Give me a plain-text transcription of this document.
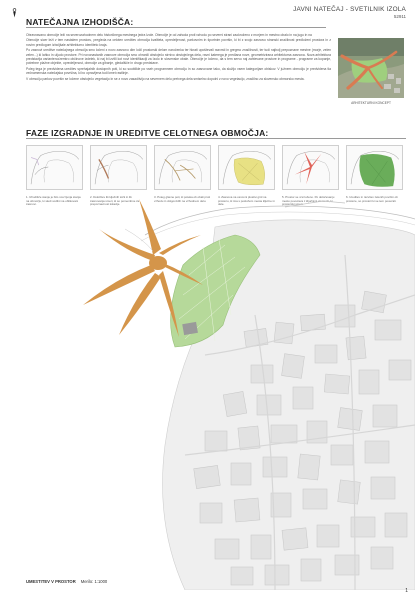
JAVNI NATEČAJ - SVETILNIK IZOLA
52911
NATEČAJNA IZHODIŠČA:

Obravnavano območje leži na severozahodnem delu historičnega mestnega jedra Izole. Območje je od zahoda proti vzhodu po severni strani zaokroženo z morjem in mestno obalo in na jugu in na

Območje sicer leži v tem nastalem prostoru, pregleda na celoten ureditev območja kvaliteta, opredeljenost, parkovnim in športnim površin, ki bi z svojo zasnovo stranski značilnost predloženi prostora in z novim predlogom izboljšale arhitekturno identiteto kraja.

Po zasnovi ureditve natečajnega območja smo ločeni z novo zasnovo dim ločil prostorski delom naročenka ter hkrati upoštevali razvrsti in gregmo značilnosti, ter tudi najbolj prepoznane mestne (morje, zelen zelen...) ki lahko in uljudo prostore. Pri novonastanih zasnove območja smo ohranili obstoječo strnivo obstoječega dela, ravni katerega je predlana nove, geometrizirana arhitekturna zasnova. Nova arhitektura predstavlja varianteno/zemtro občinove izdelek, ki naj bi izvlili kot novi identifikaciji za Izolo in slovenske obale. Območje je ločeno, da s tem servo naj zahtevane prostore in programe - programe za kopanje, potrebne plažne objekte, opredeljenost, območje za gibanje, gledališče in drugo predstave.

Poleg tega je predvidena ureditev sprehajalnih dostopnih poti, ki so sooblikle po vseh programnem območju in so zasnovane tako, da služijo vsem kategorijam obiskov. V južnem območju je predvidena tla večnamenska natečajska površina, ki bo opravljena tudi kmet rastlinje.

V območju parkov površin se ločene obstoječo vegetacijo in se z novo zasaditvijo na severnem delu pretvega dela smiselno dopolni z novo vegetacijo, značilno za slovensko obmorsko mesta.

ARHITEKTURNI KONCEPT
FAZE IZGRADNJE IN UREDITVE CELOTNEGA OBMOČJA:
1. Izhodišče stanje je bilo nov/ ljunja stanja na območju, ki sledi vodilni na oblikovani zasnovi.
2. Določitev lik ključnih točk in lik zasnovanja smeri, ki so pomembne za prepoznavnost lokacije.
3. Poteg glavne poti, ki poteka ob obali proti vzhodu in dolgovzdih na vzhodnem delu.
4. Zasnova na osnovni ploskvi grid na prostoru, ki ima s posluhom mesta ključne in dele.
5. Prostor se vrsi ločeno. Po določevanju mesto povezava z ključnimi elementi, ki prostorski smeri.
6. Ureditev in razvitev zelenih površin ob prostore, so prostori ki se tem povezali.
UMESTITEV V PROSTOR Merilo: 1:1000
1
